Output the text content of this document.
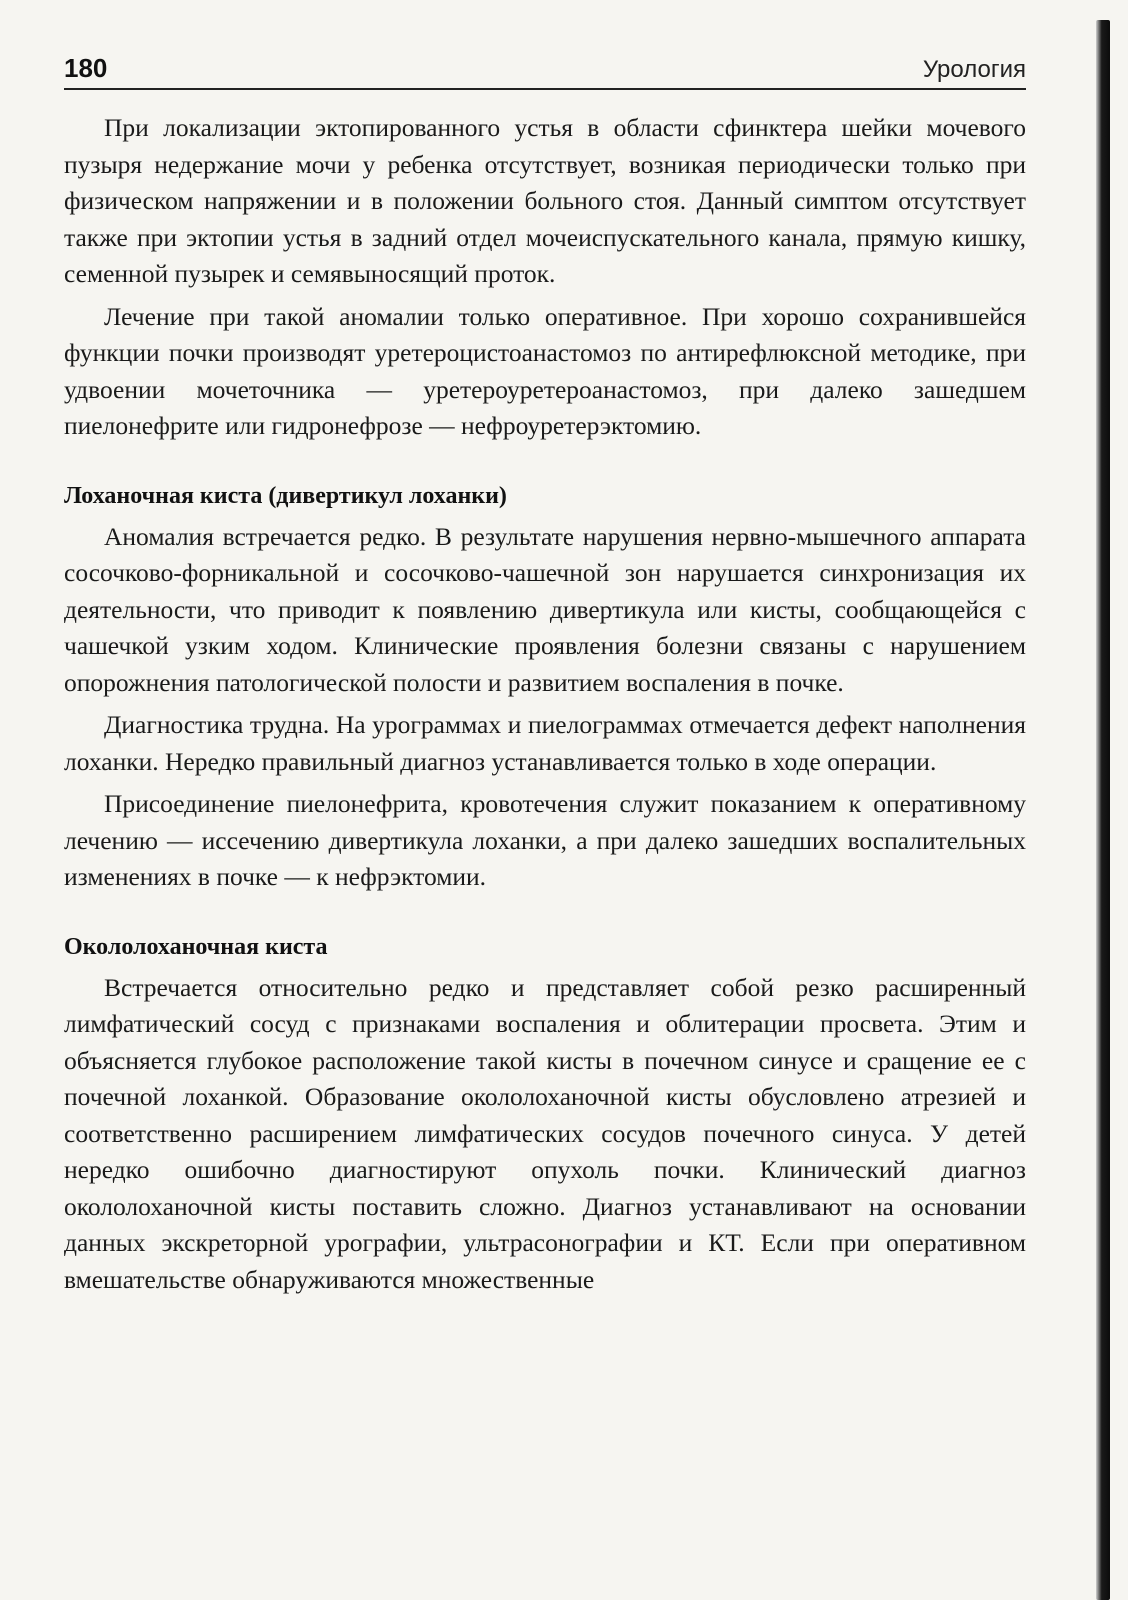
180	Урология

При локализации эктопированного устья в области сфинктера шейки мочевого пузыря недержание мочи у ребенка отсутствует, возникая периодически только при физическом напряжении и в положении больного стоя. Данный симптом отсутствует также при эктопии устья в задний отдел мочеиспускательного канала, прямую кишку, семенной пузырек и семявыносящий проток.

Лечение при такой аномалии только оперативное. При хорошо сохранившейся функции почки производят уретероцистоанастомоз по антирефлюксной методике, при удвоении мочеточника — уретероуретероанастомоз, при далеко зашедшем пиелонефрите или гидронефрозе — нефроуретерэктомию.

Лоханочная киста (дивертикул лоханки)

Аномалия встречается редко. В результате нарушения нервно-мышечного аппарата сосочково-форникальной и сосочково-чашечной зон нарушается синхронизация их деятельности, что приводит к появлению дивертикула или кисты, сообщающейся с чашечкой узким ходом. Клинические проявления болезни связаны с нарушением опорожнения патологической полости и развитием воспаления в почке.

Диагностика трудна. На урограммах и пиелограммах отмечается дефект наполнения лоханки. Нередко правильный диагноз устанавливается только в ходе операции.

Присоединение пиелонефрита, кровотечения служит показанием к оперативному лечению — иссечению дивертикула лоханки, а при далеко зашедших воспалительных изменениях в почке — к нефрэктомии.

Окололоханочная киста

Встречается относительно редко и представляет собой резко расширенный лимфатический сосуд с признаками воспаления и облитерации просвета. Этим и объясняется глубокое расположение такой кисты в почечном синусе и сращение ее с почечной лоханкой. Образование окололоханочной кисты обусловлено атрезией и соответственно расширением лимфатических сосудов почечного синуса. У детей нередко ошибочно диагностируют опухоль почки. Клинический диагноз окололоханочной кисты поставить сложно. Диагноз устанавливают на основании данных экскреторной урографии, ультрасонографии и КТ. Если при оперативном вмешательстве обнаруживаются множественные
